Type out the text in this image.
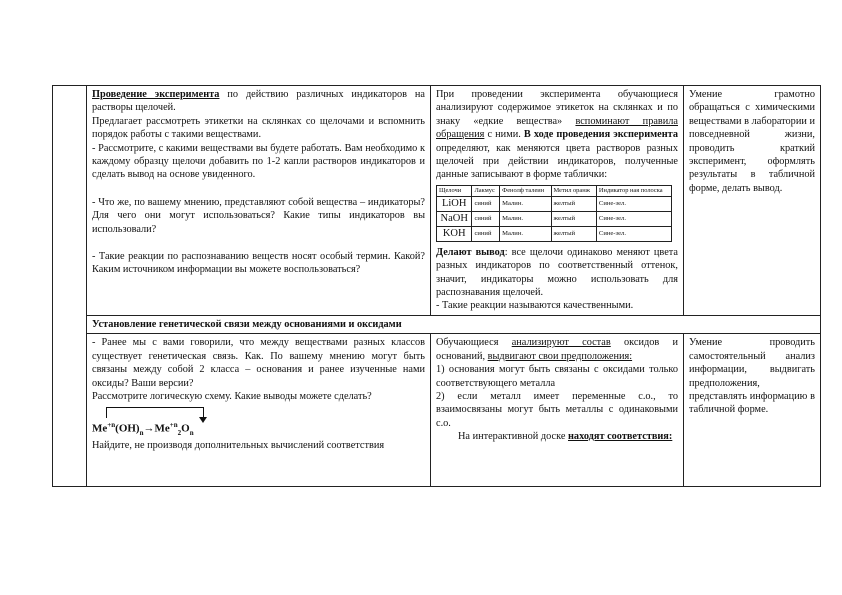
Проведение эксперимента по действию различных индикаторов на растворы щелочей.
Предлагает рассмотреть этикетки на склянках со щелочами и вспомнить порядок работы с такими веществами.
- Рассмотрите, с какими веществами вы будете работать. Вам необходимо к каждому образцу щелочи добавить по 1-2 капли растворов индикаторов и сделать вывод на основе увиденного.
- Что же, по вашему мнению, представляют собой вещества – индикаторы? Для чего они могут использоваться? Какие типы индикаторов вы использовали?
- Такие реакции по распознаванию веществ носят особый термин. Какой? Каким источником информации вы можете воспользоваться?

При проведении эксперимента обучающиеся анализируют содержимое этикеток на склянках и по знаку «едкие вещества» вспоминают правила обращения с ними. В ходе проведения эксперимента определяют, как меняются цвета растворов разных щелочей при действии индикаторов, полученные данные записывают в форме таблички:
Щелочи	Лакмус	Фенолф талеин	Метил оранж	Индикатор ная полоска
LiOH	синий	Малин.	желтый	Сине-зел.
NaOH	синий	Малин.	желтый	Сине-зел.
KOH	синий	Малин.	желтый	Сине-зел.
Делают вывод: все щелочи одинаково меняют цвета разных индикаторов по соответственный оттенок, значит, индикаторы можно использовать для распознавания щелочей.
- Такие реакции называются качественными.
	Умение грамотно обращаться с химическими веществами в лаборатории и повседневной жизни, проводить краткий эксперимент, оформлять результаты в табличной форме, делать вывод.
Установление генетической связи между основаниями и оксидами

- Ранее мы с вами говорили, что между веществами разных классов существует генетическая связь. Как. По вашему мнению могут быть связаны между собой 2 класса – основания и ранее изученные нами оксиды? Ваши версии?
Рассмотрите логическую схему. Какие выводы можете сделать?
$Me^{+n}(OH)_n\to Me^{+n}_2O_n$
Найдите, не производя дополнительных вычислений соответствия

Обучающиеся анализируют состав оксидов и оснований, выдвигают свои предположения:
1) основания могут быть связаны с оксидами только соответствующего металла
2) если металл имеет переменные с.о., то взаимосвязаны могут быть металлы с одинаковыми с.о.
На интерактивной доске находят соответствия:
	Умение проводить самостоятельный анализ информации, выдвигать предположения, представлять информацию в табличной форме.
